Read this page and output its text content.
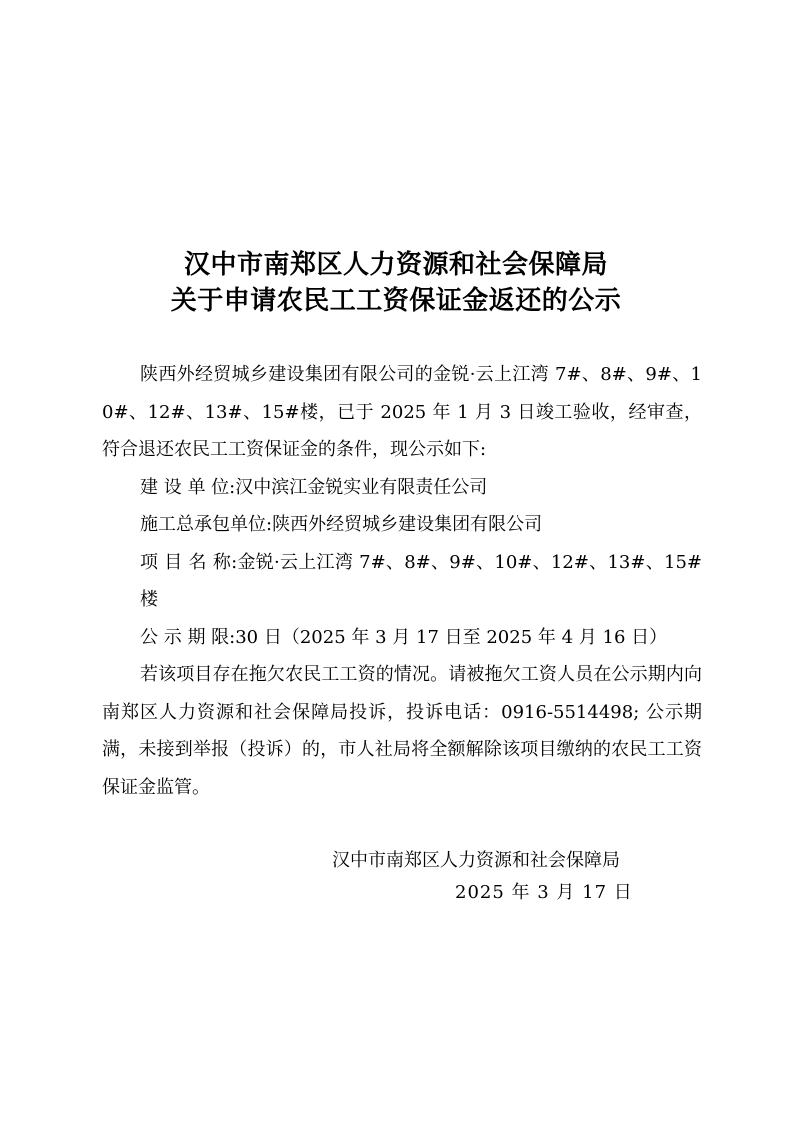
汉中市南郑区人力资源和社会保障局
关于申请农民工工资保证金返还的公示

陕西外经贸城乡建设集团有限公司的金锐·云上江湾 7#、8#、9#、10#、12#、13#、15#楼，已于 2025 年 1 月 3 日竣工验收，经审查，符合退还农民工工资保证金的条件，现公示如下:

建 设 单 位:汉中滨江金锐实业有限责任公司

施工总承包单位:陕西外经贸城乡建设集团有限公司

项 目 名 称:金锐·云上江湾 7#、8#、9#、10#、12#、13#、15#楼

公 示 期 限:30 日（2025 年 3 月 17 日至 2025 年 4 月 16 日）

若该项目存在拖欠农民工工资的情况。请被拖欠工资人员在公示期内向南郑区人力资源和社会保障局投诉，投诉电话：0916-5514498; 公示期满，未接到举报（投诉）的，市人社局将全额解除该项目缴纳的农民工工资保证金监管。

汉中市南郑区人力资源和社会保障局
2025 年 3 月 17 日
